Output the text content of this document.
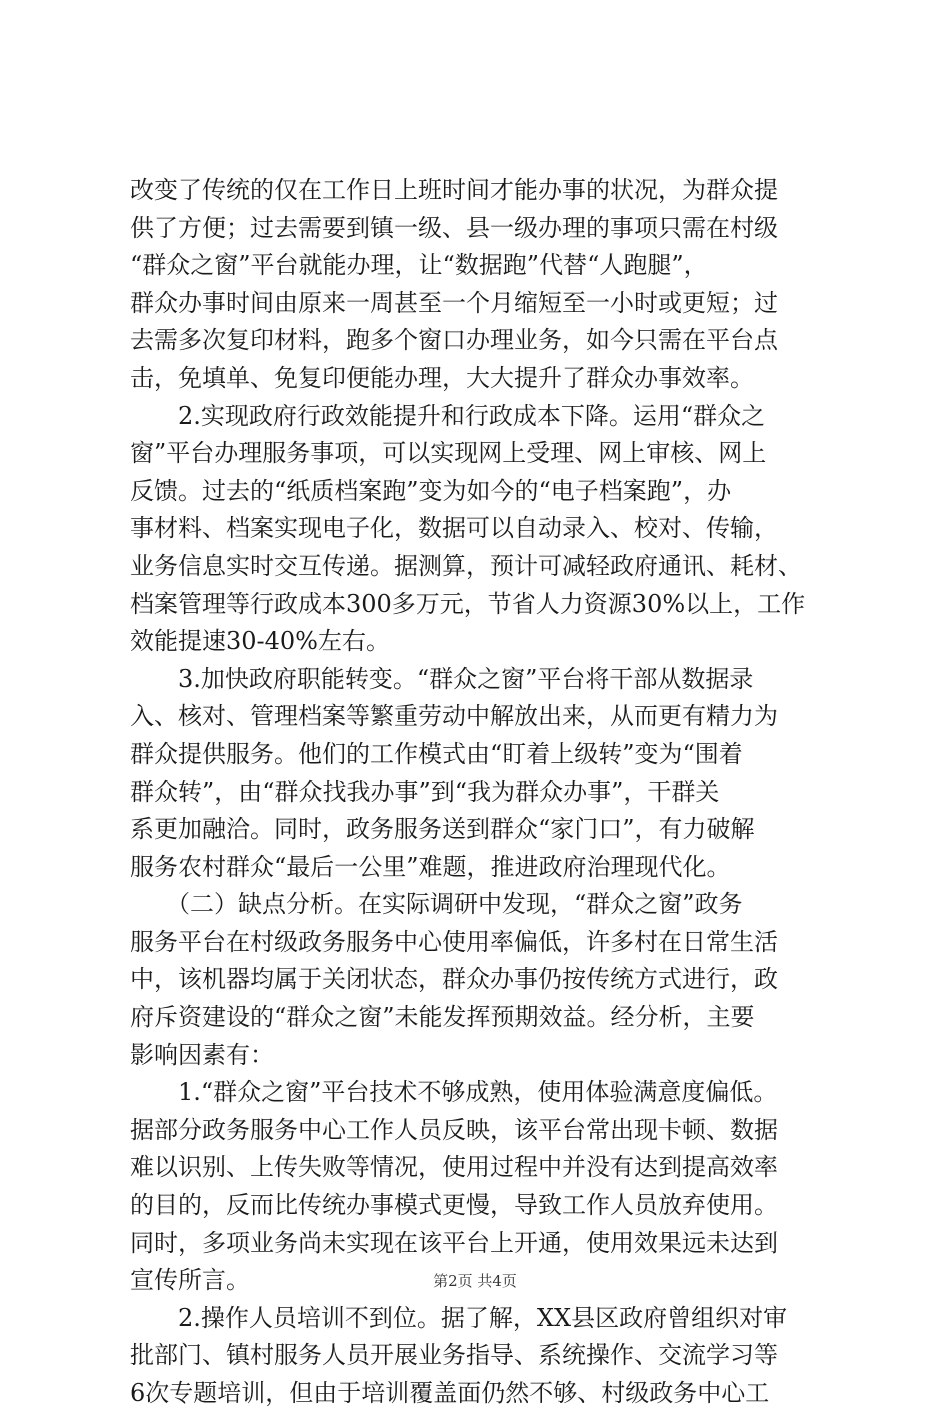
改变了传统的仅在工作日上班时间才能办事的状况，为群众提
供了方便；过去需要到镇一级、县一级办理的事项只需在村级
“群众之窗”平台就能办理，让“数据跑”代替“人跑腿”，
群众办事时间由原来一周甚至一个月缩短至一小时或更短；过
去需多次复印材料，跑多个窗口办理业务，如今只需在平台点
击，免填单、免复印便能办理，大大提升了群众办事效率。
　　2.实现政府行政效能提升和行政成本下降。运用“群众之
窗”平台办理服务事项，可以实现网上受理、网上审核、网上
反馈。过去的“纸质档案跑”变为如今的“电子档案跑”，办
事材料、档案实现电子化，数据可以自动录入、校对、传输，
业务信息实时交互传递。据测算，预计可减轻政府通讯、耗材、
档案管理等行政成本300多万元，节省人力资源30%以上，工作
效能提速30-40%左右。
　　3.加快政府职能转变。“群众之窗”平台将干部从数据录
入、核对、管理档案等繁重劳动中解放出来，从而更有精力为
群众提供服务。他们的工作模式由“盯着上级转”变为“围着
群众转”，由“群众找我办事”到“我为群众办事”，干群关
系更加融洽。同时，政务服务送到群众“家门口”，有力破解
服务农村群众“最后一公里”难题，推进政府治理现代化。
　　（二）缺点分析。在实际调研中发现，“群众之窗”政务
服务平台在村级政务服务中心使用率偏低，许多村在日常生活
中，该机器均属于关闭状态，群众办事仍按传统方式进行，政
府斥资建设的“群众之窗”未能发挥预期效益。经分析，主要
影响因素有：
　　1.“群众之窗”平台技术不够成熟，使用体验满意度偏低。
据部分政务服务中心工作人员反映，该平台常出现卡顿、数据
难以识别、上传失败等情况，使用过程中并没有达到提高效率
的目的，反而比传统办事模式更慢，导致工作人员放弃使用。
同时，多项业务尚未实现在该平台上开通，使用效果远未达到
宣传所言。
　　2.操作人员培训不到位。据了解，XX县区政府曾组织对审
批部门、镇村服务人员开展业务指导、系统操作、交流学习等
6次专题培训，但由于培训覆盖面仍然不够、村级政务中心工
第2页 共4页
